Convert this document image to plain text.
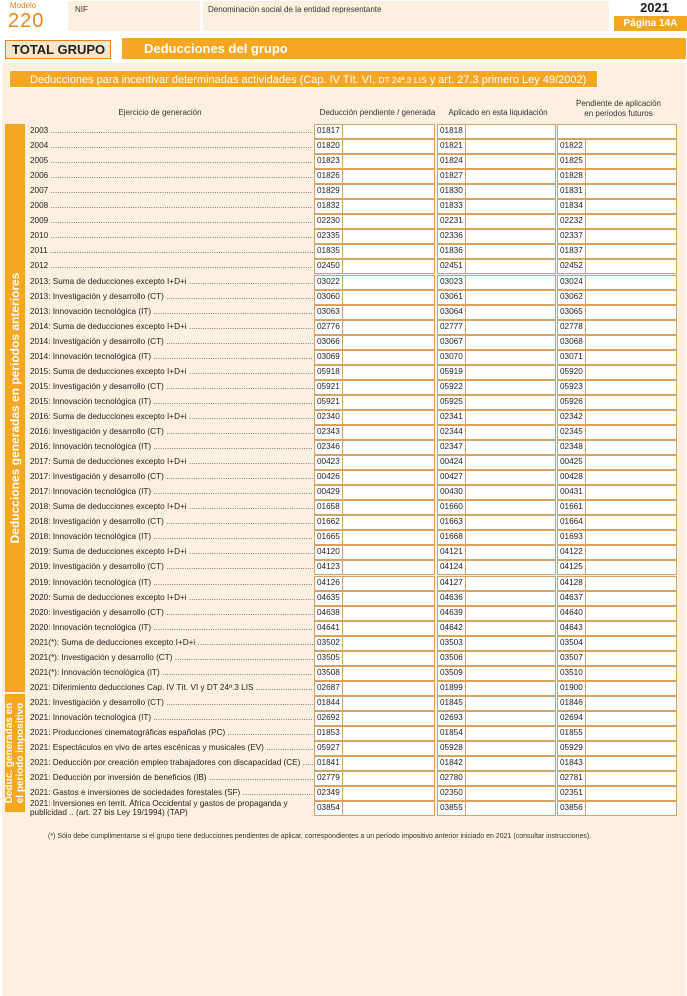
Modelo
220
NIF	Denominación social de la entidad representante	2021
Página 14A
TOTAL GRUPO	Deducciones del grupo
Deducciones para incentivar determinadas actividades (Cap. IV Tít. VI, DT 24ª.3 LIS y art. 27.3 primero Ley 49/2002)
Ejercicio de generación	Deducción pendiente / generada	Aplicado en esta liquidación
Pendiente de aplicación
en periodos futuros
Deducciones generadas en periodos anteriores
Deduc. generadas en el periodo impositivo
2003 .....	01817	01818
2004 .....	01820	01821	01822
2005 .....	01823	01824	01825
2006 .....	01826	01827	01828
2007 .....	01829	01830	01831
2008 .....	01832	01833	01834
2009 .....	02230	02231	02232
2010 .....	02335	02336	02337
2011 .....	01835	01836	01837
2012 .....	02450	02451	02452
2013: Suma de deducciones excepto I+D+i .....	03022	03023	03024
2013: Investigación y desarrollo (CT) .....	03060	03061	03062
2013: Innovación tecnológica (IT) .....	03063	03064	03065
2014: Suma de deducciones excepto I+D+i .....	02776	02777	02778
2014: Investigación y desarrollo (CT) .....	03066	03067	03068
2014: Innovación tecnológica (IT) .....	03069	03070	03071
2015: Suma de deducciones excepto I+D+i .....	05918	05919	05920
2015: Investigación y desarrollo (CT) .....	05921	05922	05923
2015: Innovación tecnológica (IT) .....	05921	05925	05926
2016: Suma de deducciones excepto I+D+i .....	02340	02341	02342
2016: Investigación y desarrollo (CT) .....	02343	02344	02345
2016: Innovación tecnológica (IT) .....	02346	02347	02348
2017: Suma de deducciones excepto I+D+i .....	00423	00424	00425
2017: Investigación y desarrollo (CT) .....	00426	00427	00428
2017: Innovación tecnológica (IT) .....	00429	00430	00431
2018: Suma de deducciones excepto I+D+i .....	01658	01660	01661
2018: Investigación y desarrollo (CT) .....	01662	01663	01664
2018: Innovación tecnológica (IT) .....	01665	01668	01693
2019: Suma de deducciones excepto I+D+i .....	04120	04121	04122
2019: Investigación y desarrollo (CT) .....	04123	04124	04125
2019: Innovación tecnológica (IT) .....	04126	04127	04128
2020: Suma de deducciones excepto I+D+i .....	04635	04636	04637
2020: Investigación y desarrollo (CT) .....	04638	04639	04640
2020: Innovación tecnológica (IT) .....	04641	04642	04643
2021(*): Suma de deducciones excepto I+D+i .....	03502	03503	03504
2021(*): Investigación y desarrollo (CT) .....	03505	03506	03507
2021(*): Innovación tecnológica (IT) .....	03508	03509	03510
2021: Diferimiento deducciones Cap. IV Tít. VI y DT 24ª.3 LIS .....	02687	01899	01900
2021: Investigación y desarrollo (CT) .....	01844	01845	01846
2021: Innovación tecnológica (IT) .....	02692	02693	02694
2021: Producciones cinematográficas españolas (PC) .....	01853	01854	01855
2021: Espectáculos en vivo de artes escénicas y musicales (EV) .....	05927	05928	05929
2021: Deducción por creación empleo trabajadores con discapacidad (CE) .....	01841	01842	01843
2021: Deducción por inversión de beneficios (IB) .....	02779	02780	02781
2021: Gastos e inversiones de sociedades forestales (SF) .....	02349	02350	02351
2021: Inversiones en territ. África Occidental y gastos de propaganda y publicidad .. (art. 27 bis Ley 19/1994) (TAP)
03854	03855	03856
(*) Sólo debe cumplimentarse si el grupo tiene deducciones pendientes de aplicar, correspondientes a un período impositivo anterior iniciado en 2021 (consultar instrucciones).
